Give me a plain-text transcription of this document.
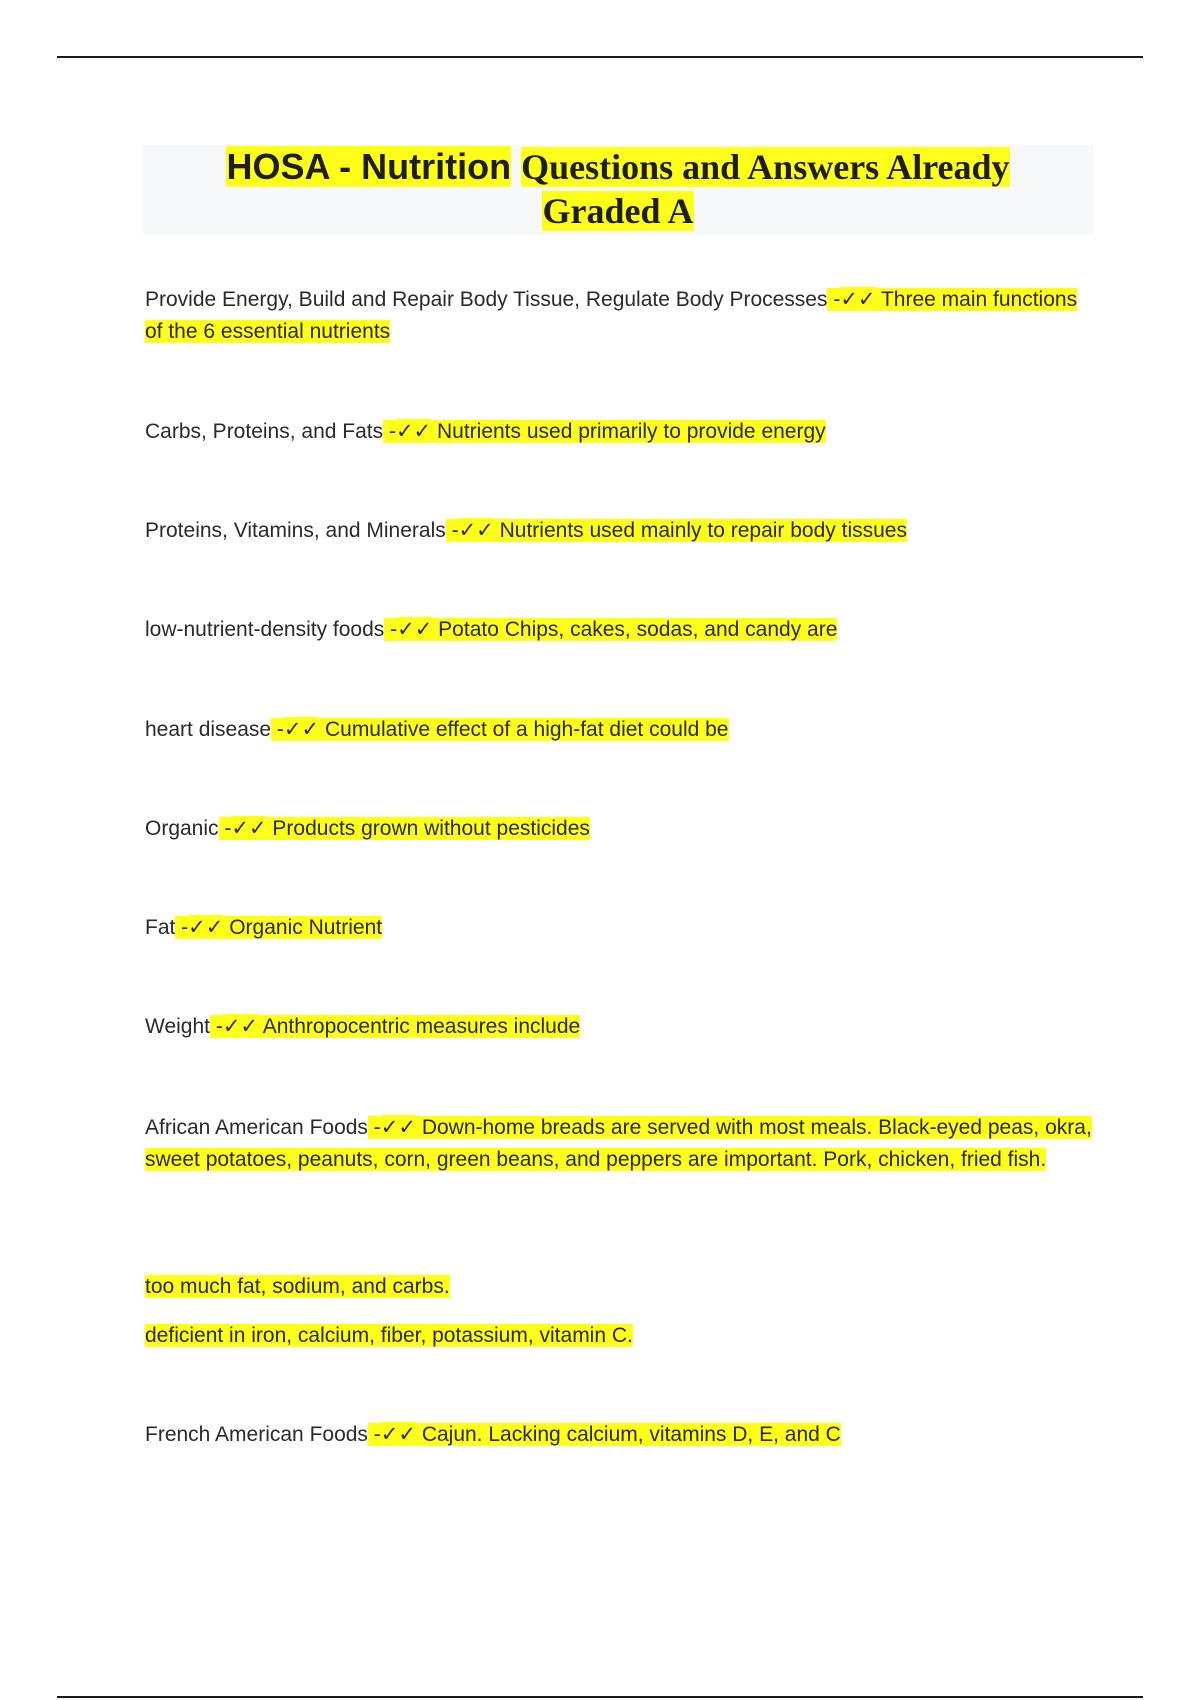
HOSA - Nutrition Questions and Answers Already
Graded A
Provide Energy, Build and Repair Body Tissue, Regulate Body Processes -✓✓ Three main functions of the 6 essential nutrients
Carbs, Proteins, and Fats -✓✓ Nutrients used primarily to provide energy
Proteins, Vitamins, and Minerals -✓✓ Nutrients used mainly to repair body tissues
low-nutrient-density foods -✓✓ Potato Chips, cakes, sodas, and candy are
heart disease -✓✓ Cumulative effect of a high-fat diet could be
Organic -✓✓ Products grown without pesticides
Fat -✓✓ Organic Nutrient
Weight -✓✓ Anthropocentric measures include
African American Foods -✓✓ Down-home breads are served with most meals. Black-eyed peas, okra, sweet potatoes, peanuts, corn, green beans, and peppers are important. Pork, chicken, fried fish.
too much fat, sodium, and carbs.
deficient in iron, calcium, fiber, potassium, vitamin C.
French American Foods -✓✓ Cajun. Lacking calcium, vitamins D, E, and C
